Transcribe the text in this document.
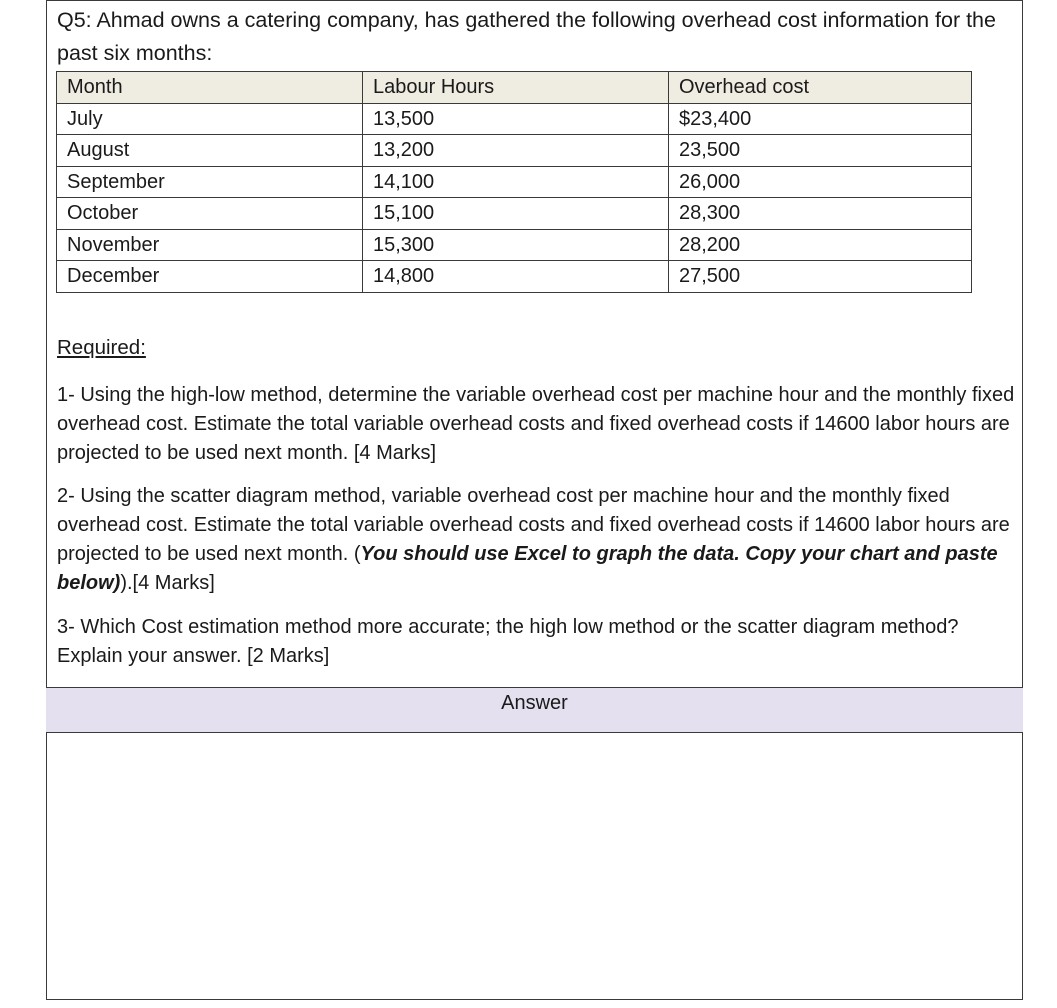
Q5: Ahmad owns a catering company, has gathered the following overhead cost information for the past six months:

Month	Labour Hours	Overhead cost
July	13,500	$23,400
August	13,200	23,500
September	14,100	26,000
October	15,100	28,300
November	15,300	28,200
December	14,800	27,500

Required:

1- Using the high-low method, determine the variable overhead cost per machine hour and the monthly fixed overhead cost. Estimate the total variable overhead costs and fixed overhead costs if 14600 labor hours are projected to be used next month. [4 Marks]

2- Using the scatter diagram method, variable overhead cost per machine hour and the monthly fixed overhead cost. Estimate the total variable overhead costs and fixed overhead costs if 14600 labor hours are projected to be used next month. (You should use Excel to graph the data. Copy your chart and paste below)).[4 Marks]

3- Which Cost estimation method more accurate; the high low method or the scatter diagram method? Explain your answer. [2 Marks]

Answer
